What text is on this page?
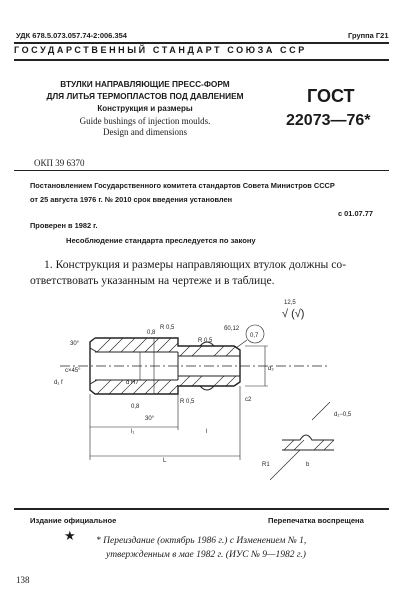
УДК 678.5.073.057.74-2:006.354	Группа Г21
ГОСУДАРСТВЕННЫЙ СТАНДАРТ СОЮЗА ССР
ВТУЛКИ НАПРАВЛЯЮЩИЕ ПРЕСС-ФОРМ
ДЛЯ ЛИТЬЯ ТЕРМОПЛАСТОВ ПОД ДАВЛЕНИЕМ
Конструкция и размеры
Guide bushings of injection moulds.
Design and dimensions
ГОСТ
22073—76*
ОКП 39 6370
Постановлением Государственного комитета стандартов Совета Министров СССР
от 25 августа 1976 г. № 2010 срок введения установлен
с 01.07.77
Проверен в 1982 г.
Несоблюдение стандарта преследуется по закону
1. Конструкция и размеры направляющих втулок должны со-
ответствовать указанным на чертеже и в таблице.
12,5
√ (√)
R 0,5
R 0,5
R 0,5
0,8
0,8
30°
30°
б0,12
0,7
с2
с×45°
d₁ f	d H7
d₂
l₁	l
L
R1	b
d₁−0,5
Издание официальное	Перепечатка воспрещена
★ * Переиздание (октябрь 1986 г.) с Изменением № 1,
утвержденным в мае 1982 г. (ИУС № 9—1982 г.)
138
